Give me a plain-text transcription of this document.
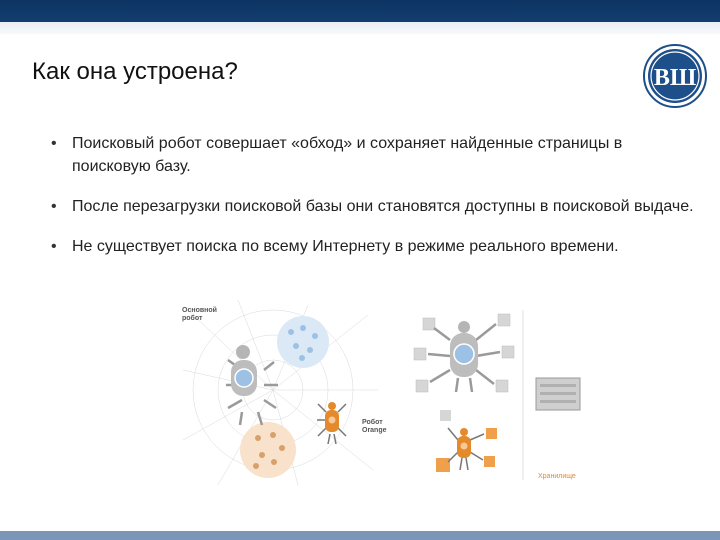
Как она устроена?	ВШ
• Поисковый робот совершает «обход» и сохраняет найденные страницы в поисковую базу.
• После перезагрузки поисковой базы они становятся доступны в поисковой выдаче.
• Не существует поиска по всему Интернету в режиме реального времени.
Основной
робот
Робот
Orange
Хранилище
